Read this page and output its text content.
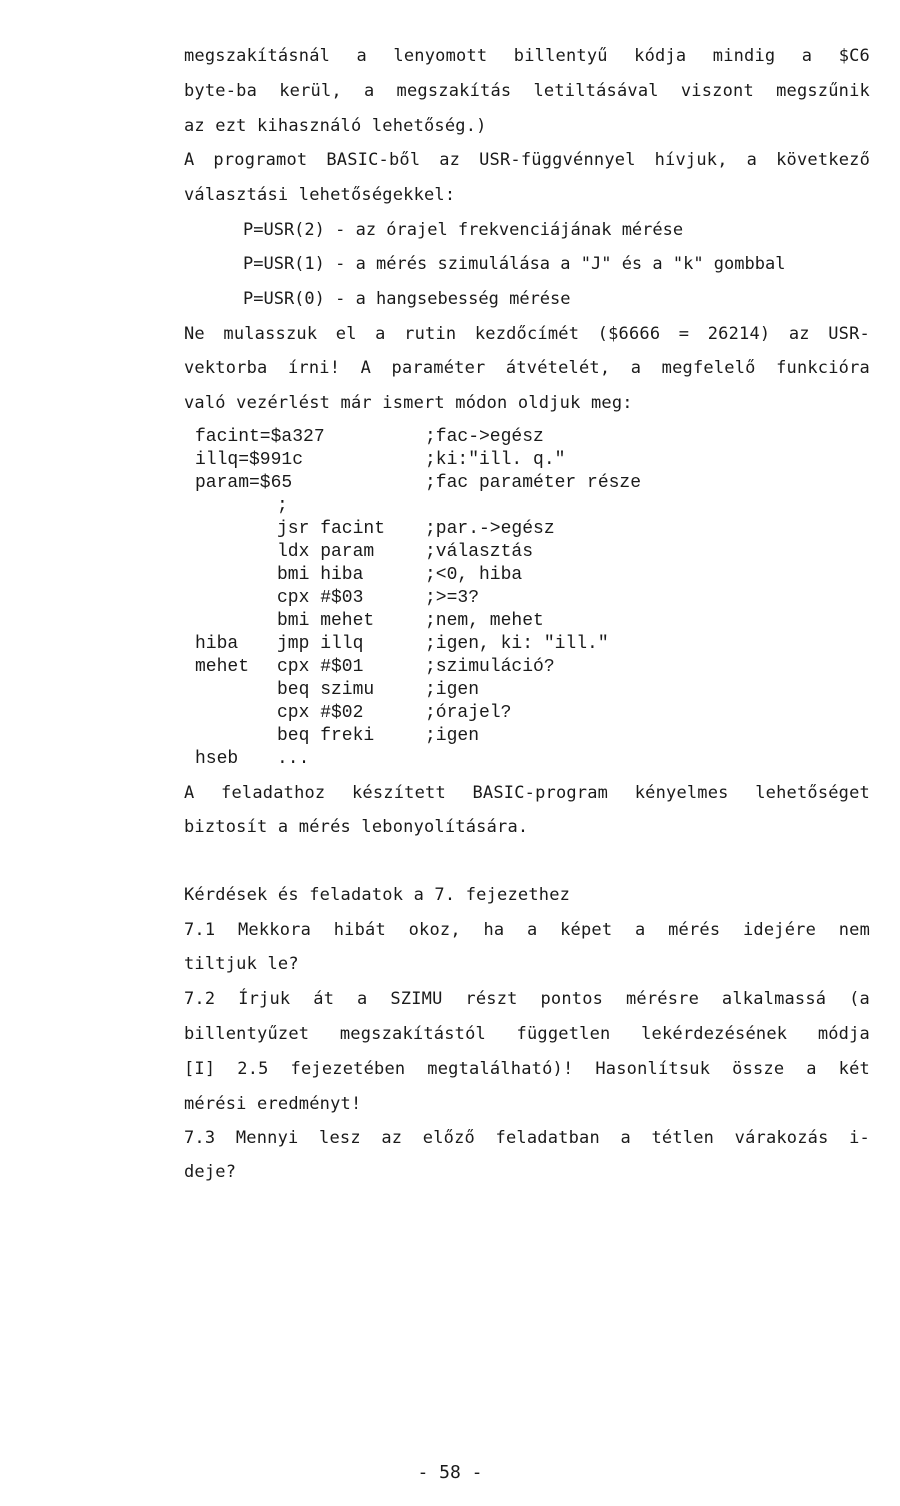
megszakításnál a lenyomott billentyű kódja mindig a $C6
byte-ba kerül, a megszakítás letiltásával viszont megszűnik
az ezt kihasználó lehetőség.)
A programot BASIC-ből az USR-függvénnyel hívjuk, a következő
választási lehetőségekkel:
P=USR(2) - az órajel frekvenciájának mérése
P=USR(1) - a mérés szimulálása a "J" és a "k" gombbal
P=USR(0) - a hangsebesség mérése
Ne mulasszuk el a rutin kezdőcímét ($6666 = 26214) az USR-
vektorba írni! A paraméter átvételét, a megfelelő funkcióra
való vezérlést már ismert módon oldjuk meg:
facint=$a327	;fac->egész
illq=$991c	;ki:"ill. q."
param=$65	;fac paraméter része
;
jsr facint ;par.->egész
ldx param	;választás
bmi hiba	;<0, hiba
cpx #$03	;>=3?
bmi mehet	;nem, mehet
hiba jmp illq	;igen, ki: "ill."
mehet cpx #$01	;szimuláció?
beq szimu	;igen
cpx #$02	;órajel?
beq freki	;igen
hseb ...
A feladathoz készített BASIC-program kényelmes lehetőséget
biztosít a mérés lebonyolítására.
Kérdések és feladatok a 7. fejezethez
7.1 Mekkora hibát okoz, ha a képet a mérés idejére nem
tiltjuk le?
7.2 Írjuk át a SZIMU részt pontos mérésre alkalmassá (a
billentyűzet megszakítástól független lekérdezésének módja
[I] 2.5 fejezetében megtalálható)! Hasonlítsuk össze a két
mérési eredményt!
7.3 Mennyi lesz az előző feladatban a tétlen várakozás i-
deje?
- 58 -
